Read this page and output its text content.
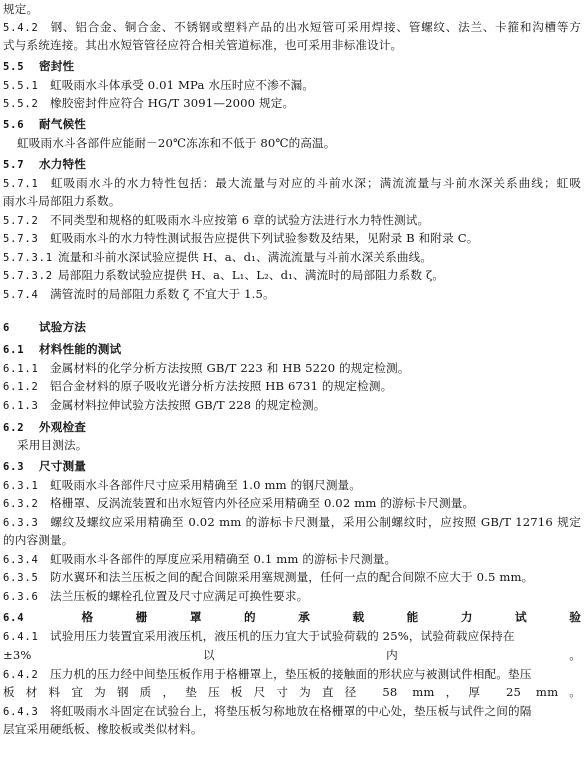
规定。
5.4.2 钢、铝合金、铜合金、不锈钢或塑料产品的出水短管可采用焊接、管螺纹、法兰、卡箍和沟槽等方
式与系统连接。其出水短管管径应符合相关管道标准，也可采用非标准设计。
5.5 密封性
5.5.1 虹吸雨水斗体承受 0.01 MPa 水压时应不渗不漏。
5.5.2 橡胶密封件应符合 HG/T 3091—2000 规定。
5.6 耐气候性
虹吸雨水斗各部件应能耐－20℃冻冻和不低于 80℃的高温。
5.7 水力特性
5.7.1 虹吸雨水斗的水力特性包括：最大流量与对应的斗前水深；满流流量与斗前水深关系曲线；虹吸
雨水斗局部阻力系数。
5.7.2 不同类型和规格的虹吸雨水斗应按第 6 章的试验方法进行水力特性测试。
5.7.3 虹吸雨水斗的水力特性测试报告应提供下列试验参数及结果，见附录 B 和附录 C。
5.7.3.1 流量和斗前水深试验应提供 H、a、d₁、满流流量与斗前水深关系曲线。
5.7.3.2 局部阻力系数试验应提供 H、a、L₁、L₂、d₁、满流时的局部阻力系数 ζ。
5.7.4 满管流时的局部阻力系数 ζ 不宜大于 1.5。
6 试验方法
6.1 材料性能的测试
6.1.1 金属材料的化学分析方法按照 GB/T 223 和 HB 5220 的规定检测。
6.1.2 铝合金材料的原子吸收光谱分析方法按照 HB 6731 的规定检测。
6.1.3 金属材料拉伸试验方法按照 GB/T 228 的规定检测。
6.2 外观检查
采用目测法。
6.3 尺寸测量
6.3.1 虹吸雨水斗各部件尺寸应采用精确至 1.0 mm 的钢尺测量。
6.3.2 格栅罩、反涡流装置和出水短管内外径应采用精确至 0.02 mm 的游标卡尺测量。
6.3.3 螺纹及螺纹应采用精确至 0.02 mm 的游标卡尺测量，采用公制螺纹时，应按照 GB/T 12716 规定
的内容测量。
6.3.4 虹吸雨水斗各部件的厚度应采用精确至 0.1 mm 的游标卡尺测量。
6.3.5 防水翼环和法兰压板之间的配合间隙采用塞规测量，任何一点的配合间隙不应大于 0.5 mm。
6.3.6 法兰压板的螺栓孔位置及尺寸应满足可换性要求。
6.4 格栅罩的承载能力试验
6.4.1 试验用压力装置宜采用液压机，液压机的压力宜大于试验荷载的 25%，试验荷载应保持在
±3%以内。
6.4.2 压力机的压力经中间垫压板作用于格栅罩上，垫压板的接触面的形状应与被测试件相配。垫压
板材料宜为钢质，垫压板尺寸为直径 58 mm，厚 25 mm。
6.4.3 将虹吸雨水斗固定在试验台上，将垫压板匀称地放在格栅罩的中心处，垫压板与试件之间的隔
层宜采用硬纸板、橡胶板或类似材料。
